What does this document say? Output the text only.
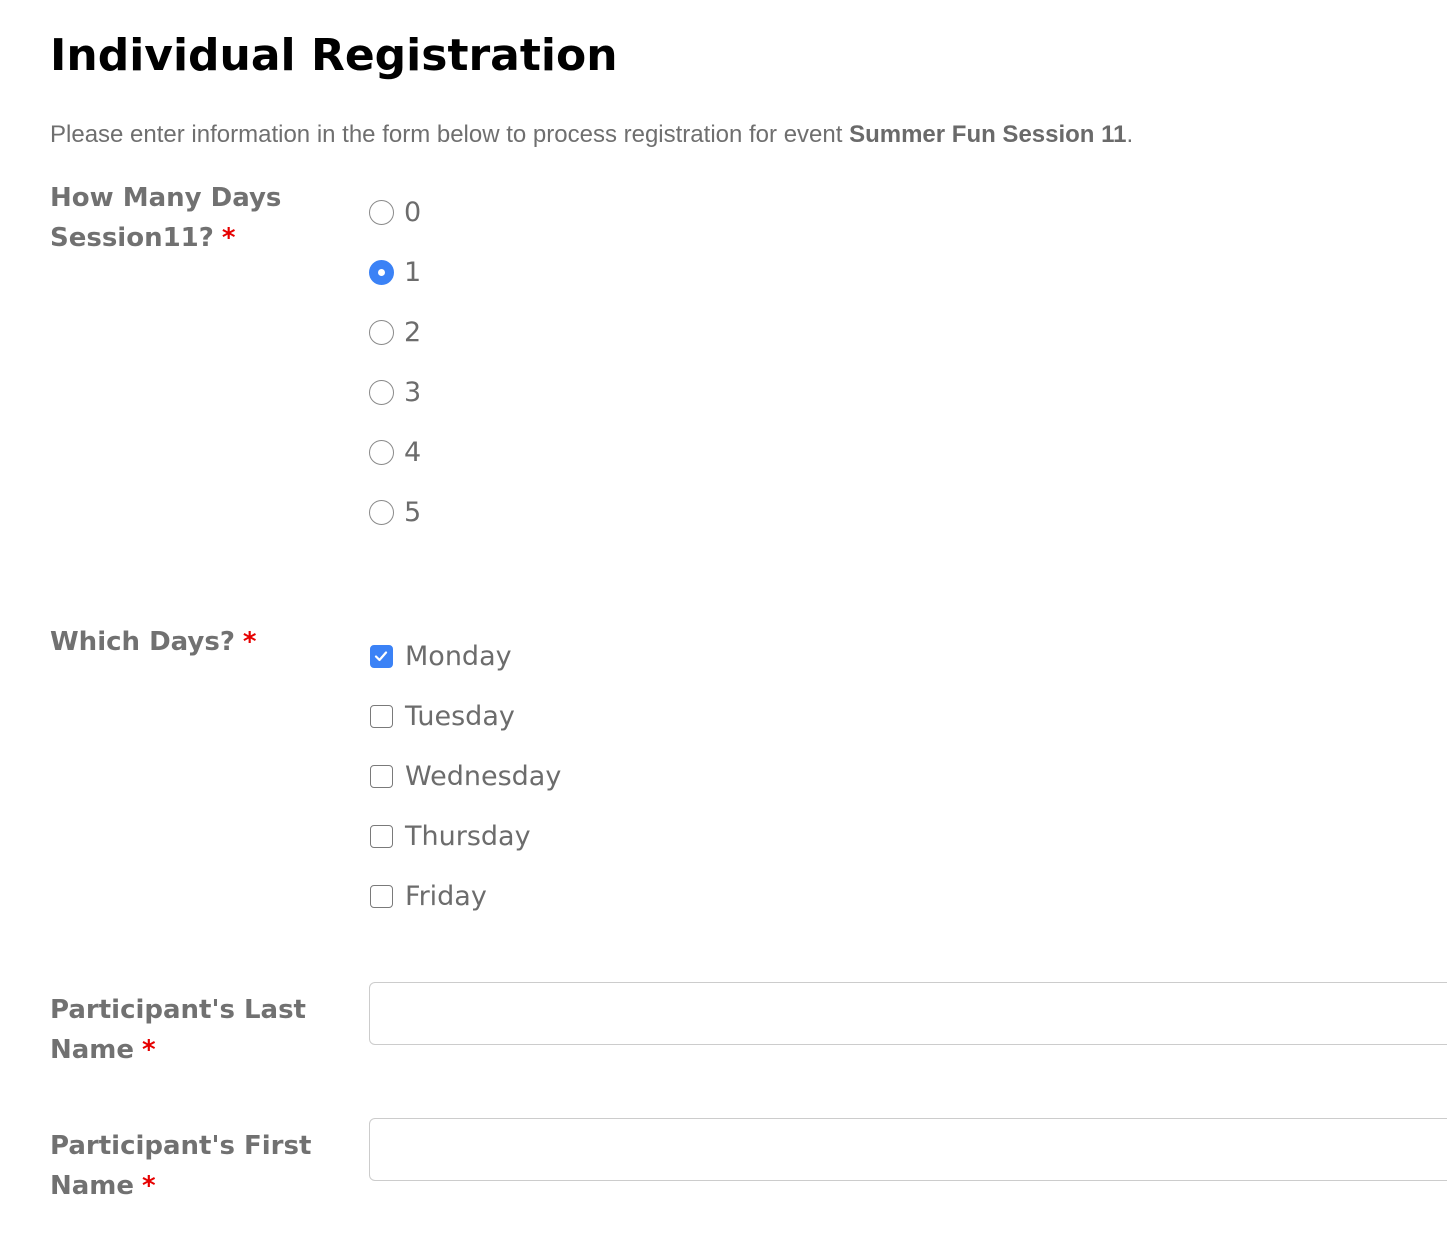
Individual Registration
Please enter information in the form below to process registration for event Summer Fun Session 11.
How Many Days Session11? *
0
1
2
3
4
5
Which Days? *	Monday
Tuesday
Wednesday
Thursday
Friday
Participant's Last Name *
Participant's First Name *
